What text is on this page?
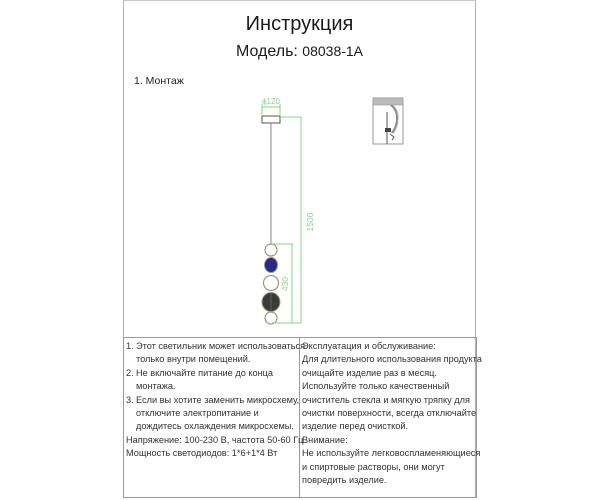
Инструкция
Модель: 08038-1A
1. Монтаж
ϕ120
1500
430
1. Этот светильник может использоваться
только внутри помещений.
2. Не включайте питание до конца
монтажа.
3. Если вы хотите заменить микросхему,
отключите электропитание и
дождитесь охлаждения микросхемы.
Напряжение: 100-230 В, частота 50-60 Гц
Мощность светодиодов: 1*6+1*4 Вт
Эксплуатация и обслуживание:
Для длительного использования продукта
очищайте изделие раз в месяц.
Используйте только качественный
очиститель стекла и мягкую тряпку для
очистки поверхности, всегда отключайте
изделие перед очисткой.
Внимание:
Не используйте легковоспламеняющиеся
и спиртовые растворы, они могут
повредить изделие.
